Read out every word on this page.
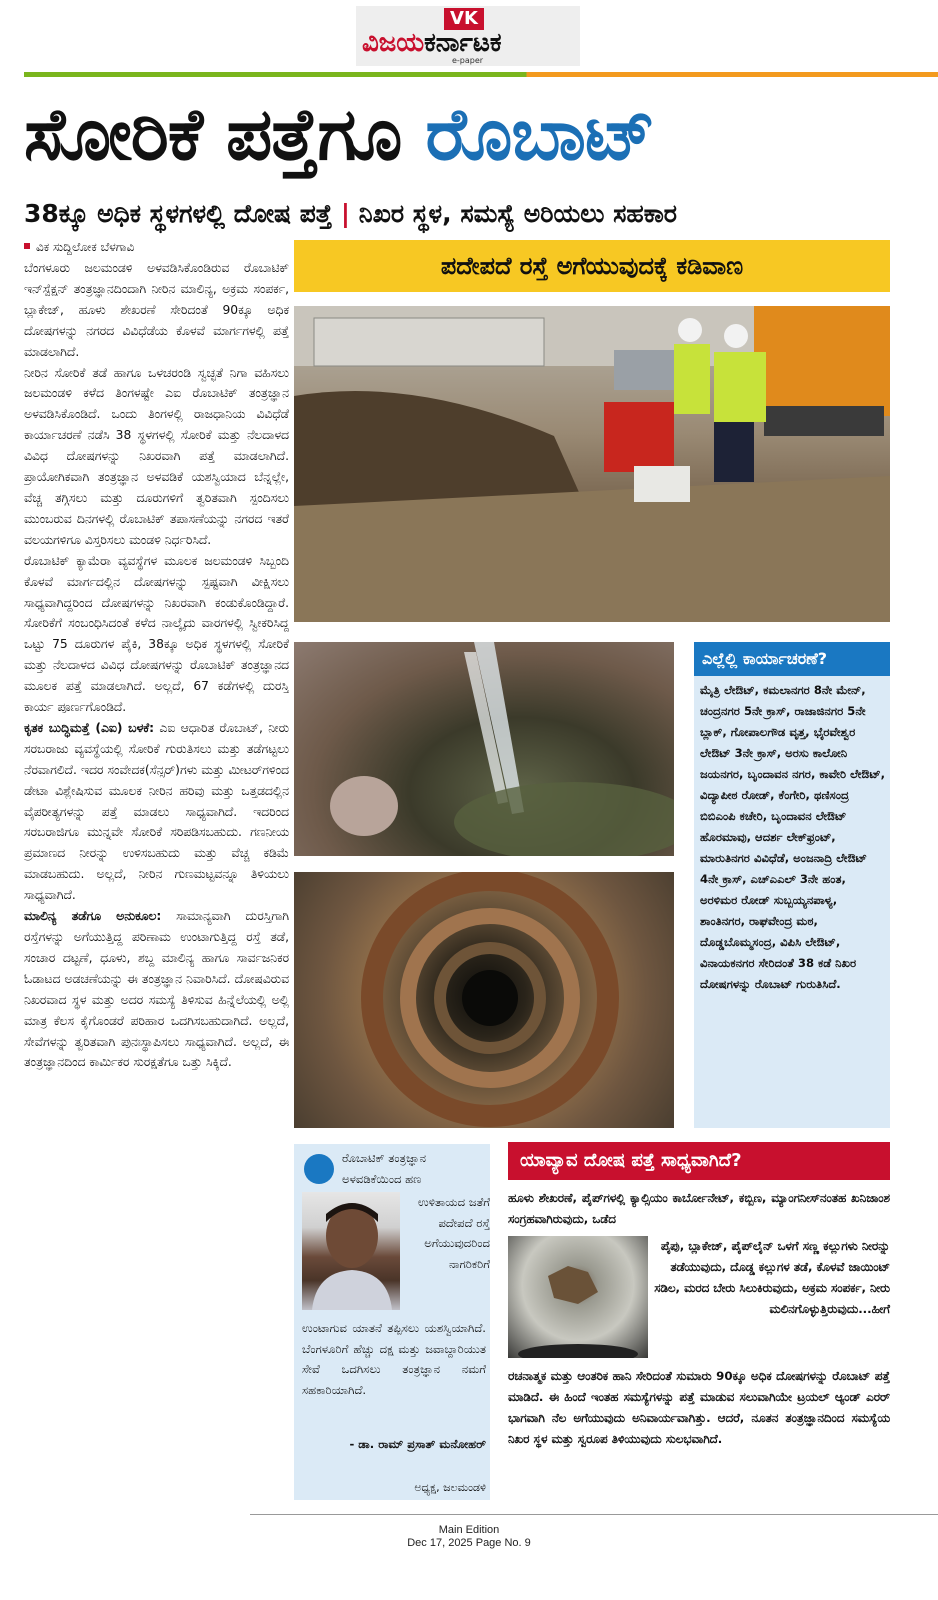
VK
ವಿಜಯಕರ್ನಾಟಕ
e-paper
ಸೋರಿಕೆ ಪತ್ತೆಗೂ ರೊಬಾಟ್
38ಕ್ಕೂ ಅಧಿಕ ಸ್ಥಳಗಳಲ್ಲಿ ದೋಷ ಪತ್ತೆ | ನಿಖರ ಸ್ಥಳ, ಸಮಸ್ಯೆ ಅರಿಯಲು ಸಹಕಾರ
ವಿಕ ಸುದ್ದಿಲೋಕ ಬೆಳಗಾವಿ

ಬೆಂಗಳೂರು ಜಲಮಂಡಳಿ ಅಳವಡಿಸಿಕೊಂಡಿರುವ ರೊಬಾಟಿಕ್ ಇನ್‌ಸ್ಪೆಕ್ಷನ್ ತಂತ್ರಜ್ಞಾನದಿಂದಾಗಿ ನೀರಿನ ಮಾಲಿನ್ಯ, ಅಕ್ರಮ ಸಂಪರ್ಕ, ಬ್ಲಾಕೇಜ್, ಹೂಳು ಶೇಖರಣೆ ಸೇರಿದಂತೆ 90ಕ್ಕೂ ಅಧಿಕ ದೋಷಗಳನ್ನು ನಗರದ ವಿವಿಧೆಡೆಯ ಕೊಳವೆ ಮಾರ್ಗಗಳಲ್ಲಿ ಪತ್ತೆ ಮಾಡಲಾಗಿದೆ.

ನೀರಿನ ಸೋರಿಕೆ ತಡೆ ಹಾಗೂ ಒಳಚರಂಡಿ ಸ್ವಚ್ಛತೆ ನಿಗಾ ವಹಿಸಲು ಜಲಮಂಡಳಿ ಕಳೆದ ತಿಂಗಳಷ್ಟೇ ಎಐ ರೊಬಾಟಿಕ್ ತಂತ್ರಜ್ಞಾನ ಅಳವಡಿಸಿಕೊಂಡಿದೆ. ಒಂದು ತಿಂಗಳಲ್ಲಿ ರಾಜಧಾನಿಯ ವಿವಿಧೆಡೆ ಕಾರ್ಯಾಚರಣೆ ನಡೆಸಿ 38 ಸ್ಥಳಗಳಲ್ಲಿ ಸೋರಿಕೆ ಮತ್ತು ನೆಲದಾಳದ ವಿವಿಧ ದೋಷಗಳನ್ನು ನಿಖರವಾಗಿ ಪತ್ತೆ ಮಾಡಲಾಗಿದೆ. ಪ್ರಾಯೋಗಿಕವಾಗಿ ತಂತ್ರಜ್ಞಾನ ಅಳವಡಿಕೆ ಯಶಸ್ವಿಯಾದ ಬೆನ್ನಲ್ಲೇ, ವೆಚ್ಚ ತಗ್ಗಿಸಲು ಮತ್ತು ದೂರುಗಳಿಗೆ ತ್ವರಿತವಾಗಿ ಸ್ಪಂದಿಸಲು ಮುಂಬರುವ ದಿನಗಳಲ್ಲಿ ರೊಬಾಟಿಕ್ ತಪಾಸಣೆಯನ್ನು ನಗರದ ಇತರೆ ವಲಯಗಳಿಗೂ ವಿಸ್ತರಿಸಲು ಮಂಡಳಿ ನಿರ್ಧರಿಸಿದೆ.

ರೊಬಾಟಿಕ್ ಕ್ಯಾಮೆರಾ ವ್ಯವಸ್ಥೆಗಳ ಮೂಲಕ ಜಲಮಂಡಳಿ ಸಿಬ್ಬಂದಿ ಕೊಳವೆ ಮಾರ್ಗದಲ್ಲಿನ ದೋಷಗಳನ್ನು ಸ್ಪಷ್ಟವಾಗಿ ವೀಕ್ಷಿಸಲು ಸಾಧ್ಯವಾಗಿದ್ದರಿಂದ ದೋಷಗಳನ್ನು ನಿಖರವಾಗಿ ಕಂಡುಕೊಂಡಿದ್ದಾರೆ. ಸೋರಿಕೆಗೆ ಸಂಬಂಧಿಸಿದಂತೆ ಕಳೆದ ನಾಲ್ಕೈದು ವಾರಗಳಲ್ಲಿ ಸ್ವೀಕರಿಸಿದ್ದ ಒಟ್ಟು 75 ದೂರುಗಳ ಪೈಕಿ, 38ಕ್ಕೂ ಅಧಿಕ ಸ್ಥಳಗಳಲ್ಲಿ ಸೋರಿಕೆ ಮತ್ತು ನೆಲದಾಳದ ವಿವಿಧ ದೋಷಗಳನ್ನು ರೊಬಾಟಿಕ್ ತಂತ್ರಜ್ಞಾನದ ಮೂಲಕ ಪತ್ತೆ ಮಾಡಲಾಗಿದೆ. ಅಲ್ಲದೆ, 67 ಕಡೆಗಳಲ್ಲಿ ದುರಸ್ತಿ ಕಾರ್ಯ ಪೂರ್ಣಗೊಂಡಿದೆ.

ಕೃತಕ ಬುದ್ಧಿಮತ್ತೆ (ಎಐ) ಬಳಕೆ: ಎಐ ಆಧಾರಿತ ರೊಬಾಟ್, ನೀರು ಸರಬರಾಜು ವ್ಯವಸ್ಥೆಯಲ್ಲಿ ಸೋರಿಕೆ ಗುರುತಿಸಲು ಮತ್ತು ತಡೆಗಟ್ಟಲು ನೆರವಾಗಲಿದೆ. ಇದರ ಸಂವೇದಕ(ಸೆನ್ಸರ್)ಗಳು ಮತ್ತು ಮೀಟರ್‌ಗಳಿಂದ ಡೇಟಾ ವಿಶ್ಲೇಷಿಸುವ ಮೂಲಕ ನೀರಿನ ಹರಿವು ಮತ್ತು ಒತ್ತಡದಲ್ಲಿನ ವೈಪರೀತ್ಯಗಳನ್ನು ಪತ್ತೆ ಮಾಡಲು ಸಾಧ್ಯವಾಗಿದೆ. ಇದರಿಂದ ಸರಬರಾಜಿಗೂ ಮುನ್ನವೇ ಸೋರಿಕೆ ಸರಿಪಡಿಸಬಹುದು. ಗಣನೀಯ ಪ್ರಮಾಣದ ನೀರನ್ನು ಉಳಿಸಬಹುದು ಮತ್ತು ವೆಚ್ಚ ಕಡಿಮೆ ಮಾಡಬಹುದು. ಅಲ್ಲದೆ, ನೀರಿನ ಗುಣಮಟ್ಟವನ್ನೂ ತಿಳಿಯಲು ಸಾಧ್ಯವಾಗಿದೆ.

ಮಾಲಿನ್ಯ ತಡೆಗೂ ಅನುಕೂಲ: ಸಾಮಾನ್ಯವಾಗಿ ದುರಸ್ತಿಗಾಗಿ ರಸ್ತೆಗಳನ್ನು ಅಗೆಯುತ್ತಿದ್ದ ಪರಿಣಾಮ ಉಂಟಾಗುತ್ತಿದ್ದ ರಸ್ತೆ ತಡೆ, ಸಂಚಾರ ದಟ್ಟಣೆ, ಧೂಳು, ಶಬ್ದ ಮಾಲಿನ್ಯ ಹಾಗೂ ಸಾರ್ವಜನಿಕರ ಓಡಾಟದ ಅಡಚಣೆಯನ್ನು ಈ ತಂತ್ರಜ್ಞಾನ ನಿವಾರಿಸಿದೆ. ದೋಷವಿರುವ ನಿಖರವಾದ ಸ್ಥಳ ಮತ್ತು ಅದರ ಸಮಸ್ಯೆ ತಿಳಿಸುವ ಹಿನ್ನೆಲೆಯಲ್ಲಿ ಅಲ್ಲಿ ಮಾತ್ರ ಕೆಲಸ ಕೈಗೊಂಡರೆ ಪರಿಹಾರ ಒದಗಿಸಬಹುದಾಗಿದೆ. ಅಲ್ಲದೆ, ಸೇವೆಗಳನ್ನು ತ್ವರಿತವಾಗಿ ಪುನಃಸ್ಥಾಪಿಸಲು ಸಾಧ್ಯವಾಗಿದೆ. ಅಲ್ಲದೆ, ಈ ತಂತ್ರಜ್ಞಾನದಿಂದ ಕಾರ್ಮಿಕರ ಸುರಕ್ಷತೆಗೂ ಒತ್ತು ಸಿಕ್ಕಿದೆ.

ಪದೇಪದೆ ರಸ್ತೆ ಅಗೆಯುವುದಕ್ಕೆ ಕಡಿವಾಣ
ಎಲ್ಲೆಲ್ಲಿ ಕಾರ್ಯಾಚರಣೆ?
ಮೈತ್ರಿ ಲೇಔಟ್, ಕಮಲಾನಗರ 8ನೇ ಮೇನ್, ಚಂದ್ರನಗರ 5ನೇ ಕ್ರಾಸ್, ರಾಜಾಜಿನಗರ 5ನೇ ಬ್ಲಾಕ್, ಗೋಪಾಲಗೌಡ ವೃತ್ತ, ಭೈರವೇಶ್ವರ ಲೇಔಟ್ 3ನೇ ಕ್ರಾಸ್, ಅರಸು ಕಾಲೋನಿ ಜಯನಗರ, ಬೃಂದಾವನ ನಗರ, ಕಾವೇರಿ ಲೇಔಟ್, ವಿದ್ಯಾಪೀಠ ರೋಡ್, ಕೆಂಗೇರಿ, ಥಣಿಸಂದ್ರ ಬಿಬಿಎಂಪಿ ಕಚೇರಿ, ಬೃಂದಾವನ ಲೇಔಟ್ ಹೊರಮಾವು, ಆದರ್ಶ ಲೇಕ್‌ಫ್ರಂಟ್, ಮಾರುತಿನಗರ ವಿವಿಧೆಡೆ, ಅಂಜನಾದ್ರಿ ಲೇಔಟ್ 4ನೇ ಕ್ರಾಸ್, ಎಚ್‌ಎಎಲ್ 3ನೇ ಹಂತ, ಅರಳಿಮರ ರೋಡ್ ಸುಬ್ಬಯ್ಯನಪಾಳ್ಯ, ಶಾಂತಿನಗರ, ರಾಘವೇಂದ್ರ ಮಠ, ದೊಡ್ಡಬೊಮ್ಮಸಂದ್ರ, ವಿಪಿಸಿ ಲೇಔಟ್, ವಿನಾಯಕನಗರ ಸೇರಿದಂತೆ 38 ಕಡೆ ನಿಖರ ದೋಷಗಳನ್ನು ರೊಬಾಟ್ ಗುರುತಿಸಿದೆ.
ರೊಬಾಟಿಕ್ ತಂತ್ರಜ್ಞಾನ ಅಳವಡಿಕೆಯಿಂದ ಹಣ
ಉಳಿತಾಯದ ಜತೆಗೆ ಪದೇಪದೆ ರಸ್ತೆ ಅಗೆಯುವುದರಿಂದ ನಾಗರಿಕರಿಗೆ
ಉಂಟಾಗುವ ಯಾತನೆ ತಪ್ಪಿಸಲು ಯಶಸ್ವಿಯಾಗಿದೆ. ಬೆಂಗಳೂರಿಗೆ ಹೆಚ್ಚು ದಕ್ಷ ಮತ್ತು ಜವಾಬ್ದಾರಿಯುತ ಸೇವೆ ಒದಗಿಸಲು ತಂತ್ರಜ್ಞಾನ ನಮಗೆ ಸಹಕಾರಿಯಾಗಿದೆ.
- ಡಾ. ರಾಮ್ ಪ್ರಸಾತ್ ಮನೋಹರ್
ಅಧ್ಯಕ್ಷ, ಜಲಮಂಡಳಿ
ಯಾವ್ಯಾವ ದೋಷ ಪತ್ತೆ ಸಾಧ್ಯವಾಗಿದೆ?
ಹೂಳು ಶೇಖರಣೆ, ಪೈಪ್‌ಗಳಲ್ಲಿ ಕ್ಯಾಲ್ಸಿಯಂ ಕಾರ್ಬೋನೇಟ್, ಕಬ್ಬಿಣ, ಮ್ಯಾಂಗನೀಸ್‌ನಂತಹ ಖನಿಜಾಂಶ ಸಂಗ್ರಹವಾಗಿರುವುದು, ಒಡೆದ
ಪೈಪು, ಬ್ಲಾಕೇಜ್, ಪೈಪ್‌ಲೈನ್ ಒಳಗೆ ಸಣ್ಣ ಕಲ್ಲುಗಳು ನೀರನ್ನು ತಡೆಯುವುದು, ದೊಡ್ಡ ಕಲ್ಲುಗಳ ತಡೆ, ಕೊಳವೆ ಜಾಯಿಂಟ್ ಸಡಿಲ, ಮರದ ಬೇರು ಸಿಲುಕಿರುವುದು, ಅಕ್ರಮ ಸಂಪರ್ಕ, ನೀರು ಮಲಿನಗೊಳ್ಳುತ್ತಿರುವುದು...ಹೀಗೆ
ರಚನಾತ್ಮಕ ಮತ್ತು ಆಂತರಿಕ ಹಾನಿ ಸೇರಿದಂತೆ ಸುಮಾರು 90ಕ್ಕೂ ಅಧಿಕ ದೋಷಗಳನ್ನು ರೊಬಾಟ್ ಪತ್ತೆ ಮಾಡಿದೆ. ಈ ಹಿಂದೆ ಇಂತಹ ಸಮಸ್ಯೆಗಳನ್ನು ಪತ್ತೆ ಮಾಡುವ ಸಲುವಾಗಿಯೇ ಟ್ರಯಲ್ ಆ್ಯಂಡ್ ಎರರ್ ಭಾಗವಾಗಿ ನೆಲ ಅಗೆಯುವುದು ಅನಿವಾರ್ಯವಾಗಿತ್ತು. ಆದರೆ, ನೂತನ ತಂತ್ರಜ್ಞಾನದಿಂದ ಸಮಸ್ಯೆಯ ನಿಖರ ಸ್ಥಳ ಮತ್ತು ಸ್ವರೂಪ ತಿಳಿಯುವುದು ಸುಲಭವಾಗಿದೆ.
Main Edition
Dec 17, 2025 Page No. 9
